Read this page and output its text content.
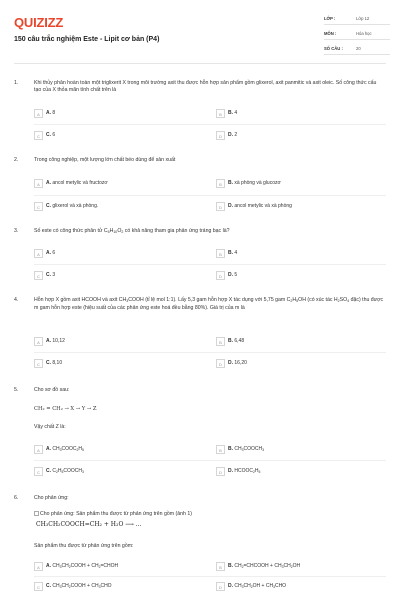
QUIZIZZ
150 câu trắc nghiệm Este - Lipit cơ bản (P4)
LỚP :	Lớp 12
MÔN :	Hóa học
SỐ CÂU :	20
1.	Khi thủy phân hoàn toàn một triglixerit X trong môi trường axit thu được hỗn hợp sản phẩm gồm glixerol, axit panmitic và axit oleic. Số công thức cấu tạo của X thỏa mãn tính chất trên là
A	A. 8	B	B. 4
C	C. 6	D	D. 2
2.	Trong công nghiệp, một lượng lớn chất béo dùng để sản xuất
A	A. ancol metylic và fructozơ	B	B. xà phòng và glucozơ
C	C. glixerol và xà phòng.	D	D. ancol metylic và xà phòng
3.	Số este có công thức phân tử $C_5H_{10}O_2$ có khả năng tham gia phản ứng tráng bạc là?
A	A. 6	B	B. 4
C	C. 3	D	D. 5
4.	Hỗn hợp X gồm axit HCOOH và axit $CH_3COOH$ (tỉ lệ mol 1:1). Lấy 5,3 gam hỗn hợp X tác dụng với 5,75 gam $C_2H_5OH$ (có xúc tác $H_2SO_4$ đặc) thu được m gam hỗn hợp este (hiệu suất của các phản ứng este hoá đều bằng 80%). Giá trị của m là
A	A. 10,12	B	B. 6,48
C	C. 8,10	D	D. 16,20
5.	Cho sơ đồ sau:
CH₂ = CH₂ → X → Y → Z
Vậy chất Z là:
A	A. $CH_3COOC_2H_5$	B	B. $CH_3COOCH_3$
C	C. $C_2H_5COOCH_3$	D	D. $HCOOC_2H_5$
6.	Cho phản ứng:
Cho phản ứng: Sản phẩm thu được từ phản ứng trên gồm (ảnh 1)
CH₃CH₂COOCH=CH₂ + H₂O ⟶ ...
Sản phẩm thu được từ phản ứng trên gồm:
A	A. $CH_3CH_2COOH$ + $CH_2=CHOH$	B	B. $CH_2=CHCOOH + CH_3CH_2OH$
C	C. $CH_3CH_2COOH + CH_3CHO$	D	D. $CH_3CH_2OH + CH_3CHO$
